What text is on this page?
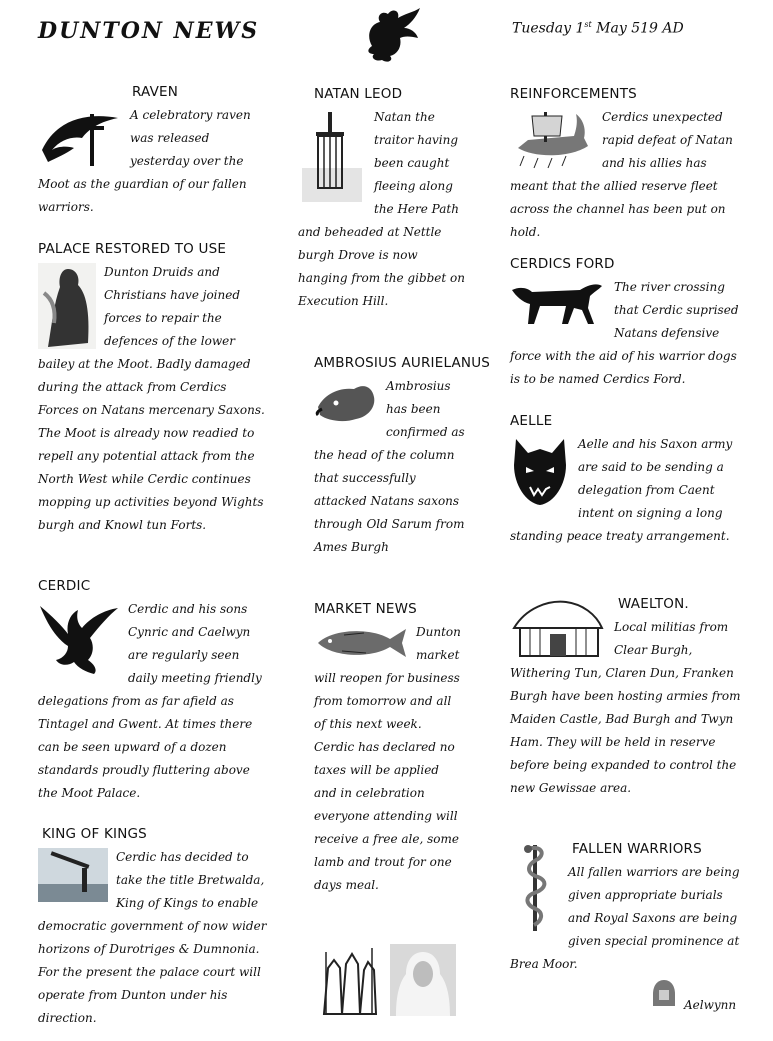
DUNTON NEWS	Tuesday 1st May 519 AD
RAVEN

A celebratory raven was released yesterday over the Moot as the guardian of our fallen warriors.

PALACE RESTORED TO USE

Dunton Druids and Christians have joined forces to repair the defences of the lower bailey at the Moot. Badly damaged during the attack from Cerdics Forces on Natans mercenary Saxons. The Moot is already now readied to repell any potential attack from the North West while Cerdic continues mopping up activities beyond Wights burgh and Knowl tun Forts.

CERDIC

Cerdic and his sons Cynric and Caelwyn are regularly seen daily meeting friendly delegations from as far afield as Tintagel and Gwent. At times there can be seen upward of a dozen standards proudly fluttering above the Moot Palace.

KING OF KINGS

Cerdic has decided to take the title Bretwalda, King of Kings to enable democratic government of now wider horizons of Durotriges & Dumnonia. For the present the palace court will operate from Dunton under his direction.

NATAN LEOD

Natan the traitor having been caught fleeing along the Here Path and beheaded at Nettle burgh Drove is now hanging from the gibbet on Execution Hill.

AMBROSIUS AURIELANUS

Ambrosius has been confirmed as the head of the column that successfully attacked Natans saxons through Old Sarum from Ames Burgh

MARKET NEWS

Dunton market will reopen for business from tomorrow and all of this next week. Cerdic has declared no taxes will be applied and in celebration everyone attending will receive a free ale, some lamb and trout for one days meal.

REINFORCEMENTS

Cerdics unexpected rapid defeat of Natan and his allies has meant that the allied reserve fleet across the channel has been put on hold.

CERDICS FORD

The river crossing that Cerdic suprised Natans defensive force with the aid of his warrior dogs is to be named Cerdics Ford.

AELLE

Aelle and his Saxon army are said to be sending a delegation from Caent intent on signing a long standing peace treaty arrangement.

WAELTON.

Local militias from Clear Burgh, Withering Tun, Claren Dun, Franken Burgh have been hosting armies from Maiden Castle, Bad Burgh and Twyn Ham. They will be held in reserve before being expanded to control the new Gewissae area.

FALLEN WARRIORS

All fallen warriors are being given appropriate burials and Royal Saxons are being given special prominence at Brea Moor.

Aelwynn
